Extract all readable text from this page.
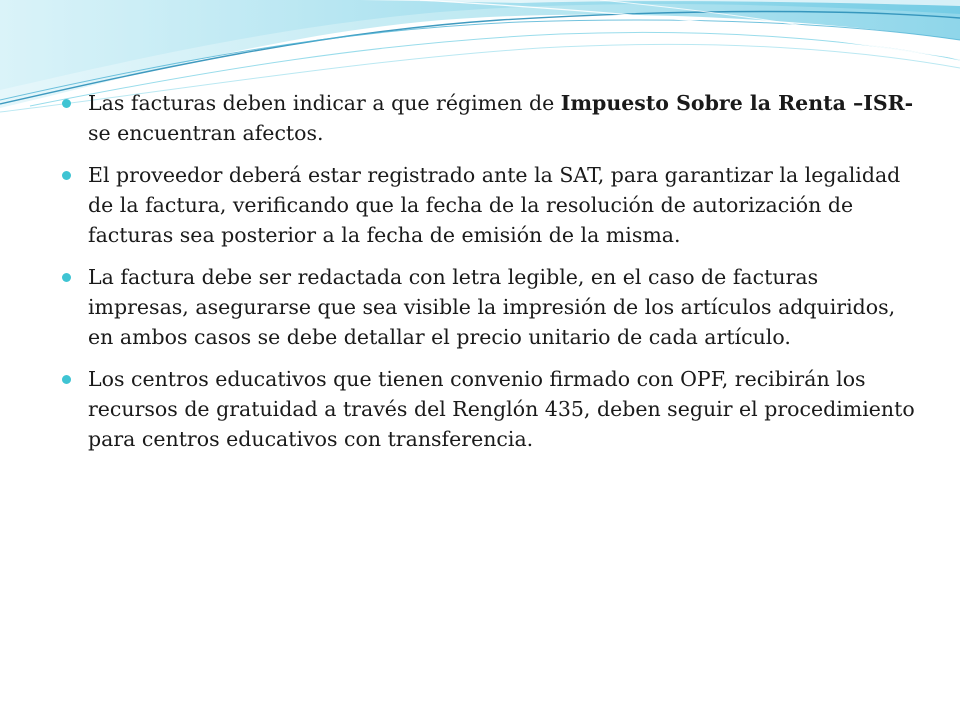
Las facturas deben indicar a que régimen de Impuesto Sobre la Renta –ISR- se encuentran afectos.
El proveedor deberá estar registrado ante la SAT, para garantizar la legalidad de la factura, verificando que la fecha de la resolución de autorización de facturas sea posterior a la fecha de emisión de la misma.
La factura debe ser redactada con letra legible, en el caso de facturas impresas, asegurarse que sea visible la impresión de los artículos adquiridos, en ambos casos se debe detallar el precio unitario de cada artículo.
Los centros educativos que tienen convenio firmado con OPF, recibirán los recursos de gratuidad a través del Renglón 435, deben seguir el procedimiento para centros educativos con transferencia.
